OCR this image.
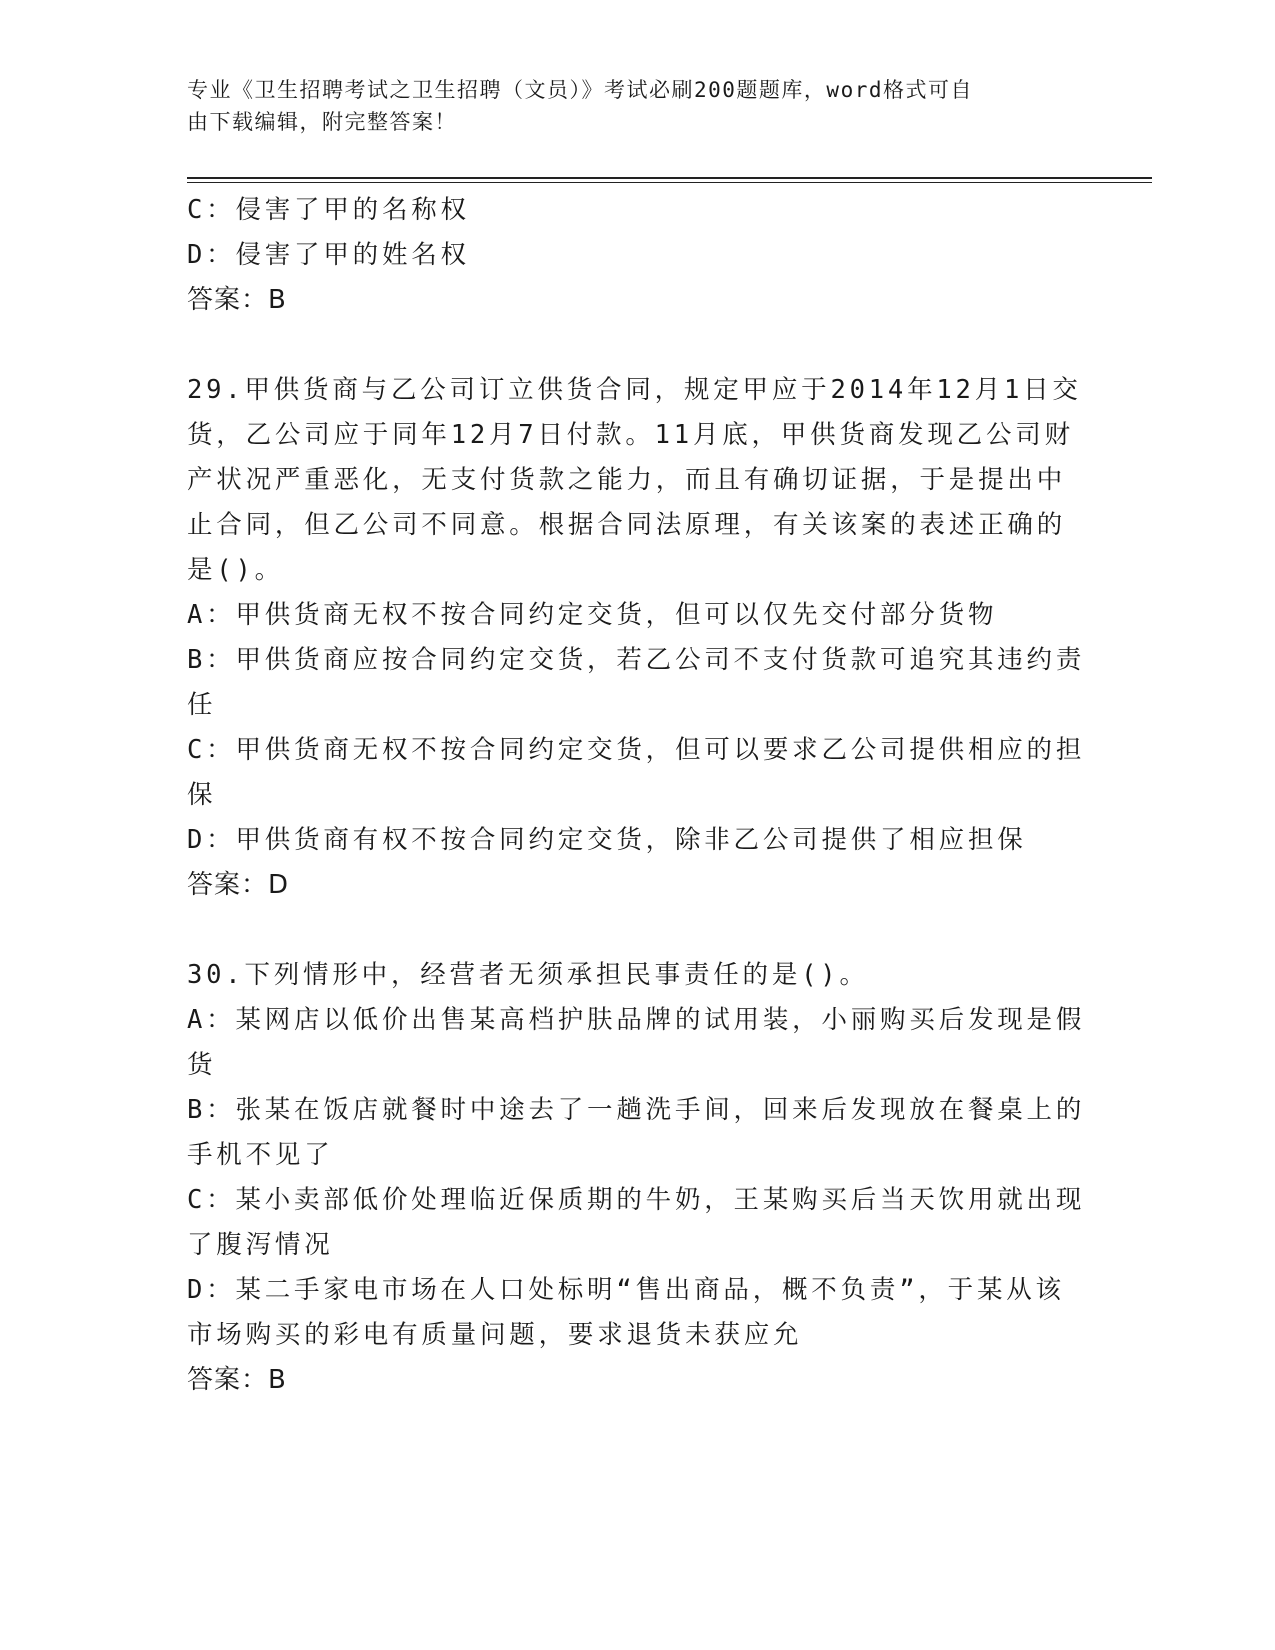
专业《卫生招聘考试之卫生招聘（文员）》考试必刷200题题库，word格式可自
由下载编辑，附完整答案！
C：侵害了甲的名称权
D：侵害了甲的姓名权
答案：B
29.甲供货商与乙公司订立供货合同，规定甲应于2014年12月1日交
货，乙公司应于同年12月7日付款。11月底，甲供货商发现乙公司财
产状况严重恶化，无支付货款之能力，而且有确切证据，于是提出中
止合同，但乙公司不同意。根据合同法原理，有关该案的表述正确的
是()。
A：甲供货商无权不按合同约定交货，但可以仅先交付部分货物
B：甲供货商应按合同约定交货，若乙公司不支付货款可追究其违约责
任
C：甲供货商无权不按合同约定交货，但可以要求乙公司提供相应的担
保
D：甲供货商有权不按合同约定交货，除非乙公司提供了相应担保
答案：D
30.下列情形中，经营者无须承担民事责任的是()。
A：某网店以低价出售某高档护肤品牌的试用装，小丽购买后发现是假
货
B：张某在饭店就餐时中途去了一趟洗手间，回来后发现放在餐桌上的
手机不见了
C：某小卖部低价处理临近保质期的牛奶，王某购买后当天饮用就出现
了腹泻情况
D：某二手家电市场在人口处标明“售出商品，概不负责”，于某从该
市场购买的彩电有质量问题，要求退货未获应允
答案：B
